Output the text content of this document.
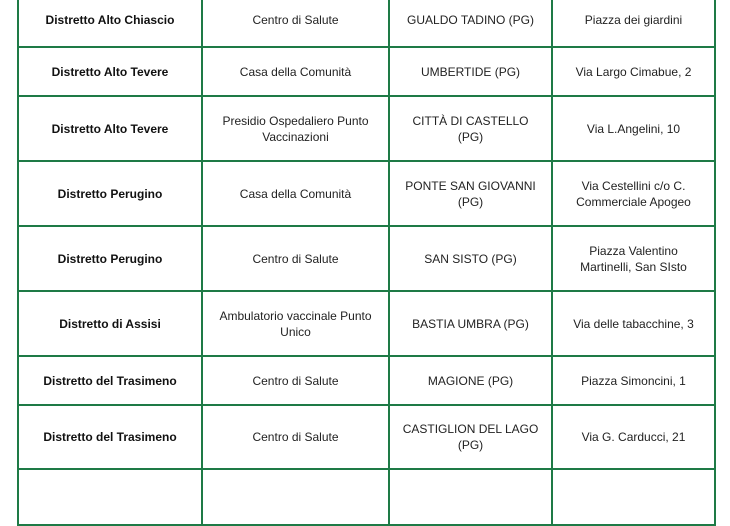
Distretto Alto Chiascio	Centro di Salute	GUALDO TADINO (PG)	Piazza dei giardini
Distretto Alto Tevere	Casa della Comunità	UMBERTIDE (PG)	Via Largo Cimabue, 2
Distretto Alto Tevere	Presidio Ospedaliero Punto Vaccinazioni	CITTÀ DI CASTELLO (PG)	Via L.Angelini, 10
Distretto Perugino	Casa della Comunità	PONTE SAN GIOVANNI (PG)	Via Cestellini c/o C. Commerciale Apogeo
Distretto Perugino	Centro di Salute	SAN SISTO (PG)	Piazza Valentino Martinelli, San SIsto
Distretto di Assisi	Ambulatorio vaccinale Punto Unico	BASTIA UMBRA (PG)	Via delle tabacchine, 3
Distretto del Trasimeno	Centro di Salute	MAGIONE (PG)	Piazza Simoncini, 1
Distretto del Trasimeno	Centro di Salute	CASTIGLION DEL LAGO (PG)	Via G. Carducci, 21
